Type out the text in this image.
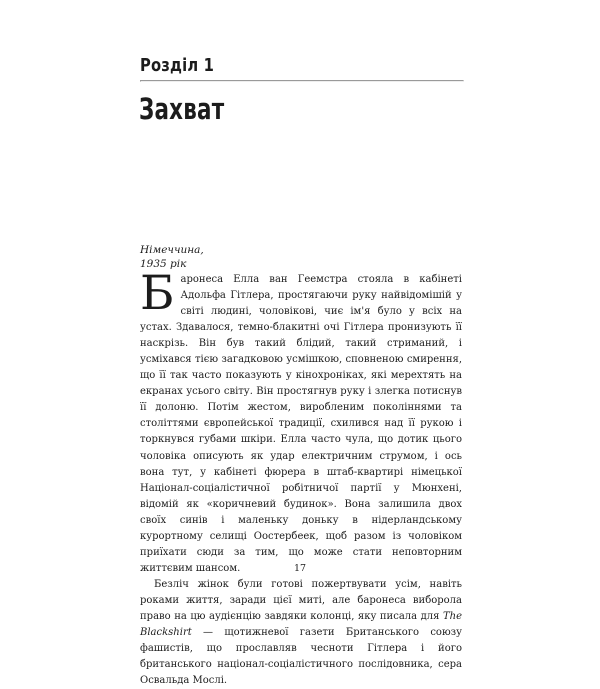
Розділ 1
Захват
Німеччина,
1935 рік

Баронеса Елла ван Геемстра стояла в кабінеті Адольфа Гітлера, простягаючи руку найвідомішій у світі людині, чоловікові, чиє ім'я було у всіх на устах. Здавалося, темно-блакитні очі Гітлера пронизують її наскрізь. Він був такий блідий, такий стриманий, і усміхався тією загадковою усмішкою, сповненою смирення, що її так часто показують у кінохроніках, які мерехтять на екранах усього світу. Він простягнув руку і злегка потиснув її долоню. Потім жестом, виробленим поколіннями та століттями європейської традиції, схилився над її рукою і торкнувся губами шкіри. Елла часто чула, що дотик цього чоловіка описують як удар електричним струмом, і ось вона тут, у кабінеті фюрера в штаб-квартирі німецької Націонал-соціалістичної робітничої партії у Мюнхені, відомій як «коричневий будинок». Вона залишила двох своїх синів і маленьку доньку в нідерландському курортному селищі Oостербеек, щоб разом із чоловіком приїхати сюди за тим, що може стати неповторним життєвим шансом.

Безліч жінок були готові пожертвувати усім, навіть роками життя, заради цієї миті, але баронеса виборола право на цю аудієнцію завдяки колонці, яку писала для The Blackshirt — щотижневої газети Британського союзу фашистів, що прославляв чесноти Гітлера і його британського націонал-соціалістичного послідовника, сера Освальда Мослі.

17
